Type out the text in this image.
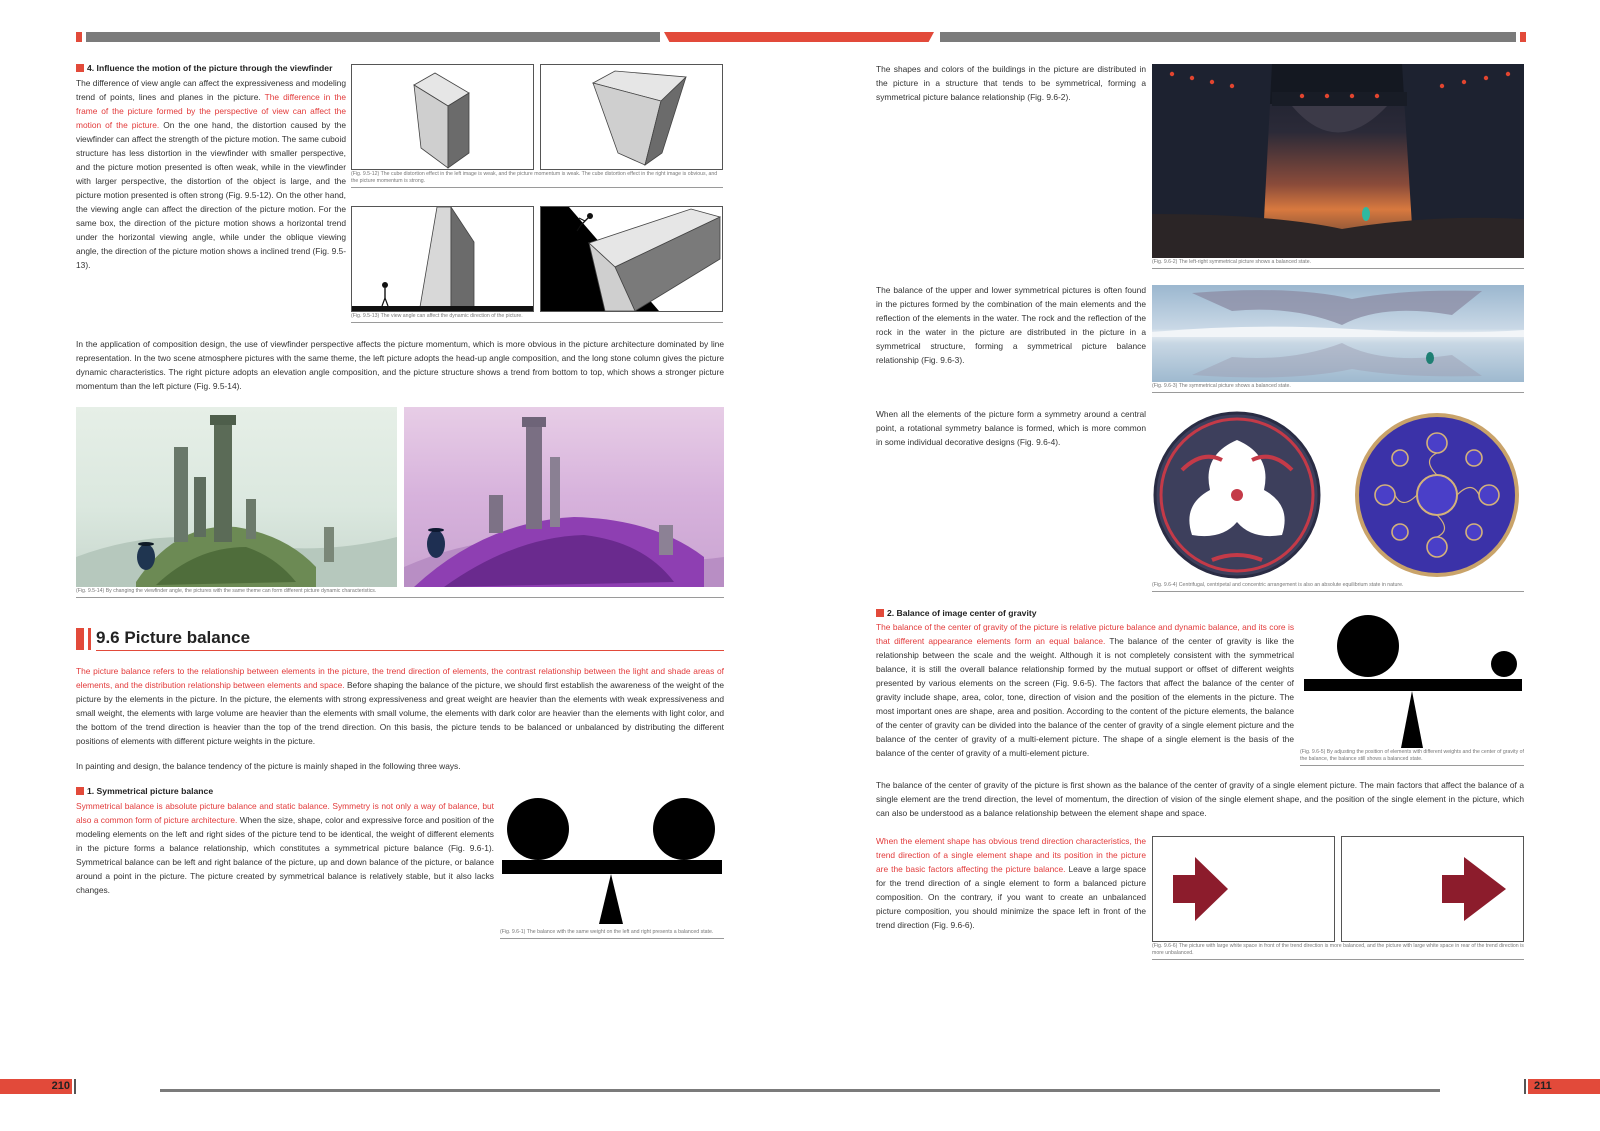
4. Influence the motion of the picture through the viewfinder
The difference of view angle can affect the expressiveness and modeling trend of points, lines and planes in the picture. The difference in the frame of the picture formed by the perspective of view can affect the motion of the picture. On the one hand, the distortion caused by the viewfinder can affect the strength of the picture motion. The same cuboid structure has less distortion in the viewfinder with smaller perspective, and the picture motion presented is often weak, while in the viewfinder with larger perspective, the distortion of the object is large, and the picture motion presented is often strong (Fig. 9.5-12). On the other hand, the viewing angle can affect the direction of the picture motion. For the same box, the direction of the picture motion shows a horizontal trend under the horizontal viewing angle, while under the oblique viewing angle, the direction of the picture motion shows a inclined trend (Fig. 9.5-13).
(Fig. 9.5-12) The cube distortion effect in the left image is weak, and the picture momentum is weak. The cube distortion effect in the right image is obvious, and the picture momentum is strong.
(Fig. 9.5-13) The view angle can affect the dynamic direction of the picture.
In the application of composition design, the use of viewfinder perspective affects the picture momentum, which is more obvious in the picture architecture dominated by line representation. In the two scene atmosphere pictures with the same theme, the left picture adopts the head-up angle composition, and the long stone column gives the picture dynamic characteristics. The right picture adopts an elevation angle composition, and the picture structure shows a trend from bottom to top, which shows a stronger picture momentum than the left picture (Fig. 9.5-14).
(Fig. 9.5-14) By changing the viewfinder angle, the pictures with the same theme can form different picture dynamic characteristics.
9.6 Picture balance
The picture balance refers to the relationship between elements in the picture, the trend direction of elements, the contrast relationship between the light and shade areas of elements, and the distribution relationship between elements and space. Before shaping the balance of the picture, we should first establish the awareness of the weight of the picture by the elements in the picture. In the picture, the elements with strong expressiveness and great weight are heavier than the elements with weak expressiveness and small weight, the elements with large volume are heavier than the elements with small volume, the elements with dark color are heavier than the elements with light color, and the bottom of the trend direction is heavier than the top of the trend direction. On this basis, the picture tends to be balanced or unbalanced by distributing the different positions of elements with different picture weights in the picture.
In painting and design, the balance tendency of the picture is mainly shaped in the following three ways.
1. Symmetrical picture balance
Symmetrical balance is absolute picture balance and static balance. Symmetry is not only a way of balance, but also a common form of picture architecture. When the size, shape, color and expressive force and position of the modeling elements on the left and right sides of the picture tend to be identical, the weight of different elements in the picture forms a balance relationship, which constitutes a symmetrical picture balance (Fig. 9.6-1). Symmetrical balance can be left and right balance of the picture, up and down balance of the picture, or balance around a point in the picture. The picture created by symmetrical balance is relatively stable, but it also lacks changes.
(Fig. 9.6-1) The balance with the same weight on the left and right presents a balanced state.
The shapes and colors of the buildings in the picture are distributed in the picture in a structure that tends to be symmetrical, forming a symmetrical picture balance relationship (Fig. 9.6-2).
(Fig. 9.6-2) The left-right symmetrical picture shows a balanced state.
The balance of the upper and lower symmetrical pictures is often found in the pictures formed by the combination of the main elements and the reflection of the elements in the water. The rock and the reflection of the rock in the water in the picture are distributed in the picture in a symmetrical structure, forming a symmetrical picture balance relationship (Fig. 9.6-3).
(Fig. 9.6-3) The symmetrical picture shows a balanced state.
When all the elements of the picture form a symmetry around a central point, a rotational symmetry balance is formed, which is more common in some individual decorative designs (Fig. 9.6-4).
(Fig. 9.6-4) Centrifugal, centripetal and concentric arrangement is also an absolute equilibrium state in nature.
2. Balance of image center of gravity
The balance of the center of gravity of the picture is relative picture balance and dynamic balance, and its core is that different appearance elements form an equal balance. The balance of the center of gravity is like the relationship between the scale and the weight. Although it is not completely consistent with the symmetrical balance, it is still the overall balance relationship formed by the mutual support or offset of different weights presented by various elements on the screen (Fig. 9.6-5). The factors that affect the balance of the center of gravity include shape, area, color, tone, direction of vision and the position of the elements in the picture. The most important ones are shape, area and position. According to the content of the picture elements, the balance of the center of gravity can be divided into the balance of the center of gravity of a single element picture and the balance of the center of gravity of a multi-element picture. The shape of a single element is the basis of the balance of the center of gravity of a multi-element picture.	(Fig. 9.6-5) By adjusting the position of elements with different weights and the center of gravity of the balance, the balance still shows a balanced state.
The balance of the center of gravity of the picture is first shown as the balance of the center of gravity of a single element picture. The main factors that affect the balance of a single element are the trend direction, the level of momentum, the direction of vision of the single element shape, and the position of the single element in the picture, which can also be understood as a balance relationship between the element shape and space.
When the element shape has obvious trend direction characteristics, the trend direction of a single element shape and its position in the picture are the basic factors affecting the picture balance. Leave a large space for the trend direction of a single element to form a balanced picture composition. On the contrary, if you want to create an unbalanced picture composition, you should minimize the space left in front of the trend direction (Fig. 9.6-6).
(Fig. 9.6-6) The picture with large white space in front of the trend direction is more balanced, and the picture with large white space in rear of the trend direction is more unbalanced.
210	211
